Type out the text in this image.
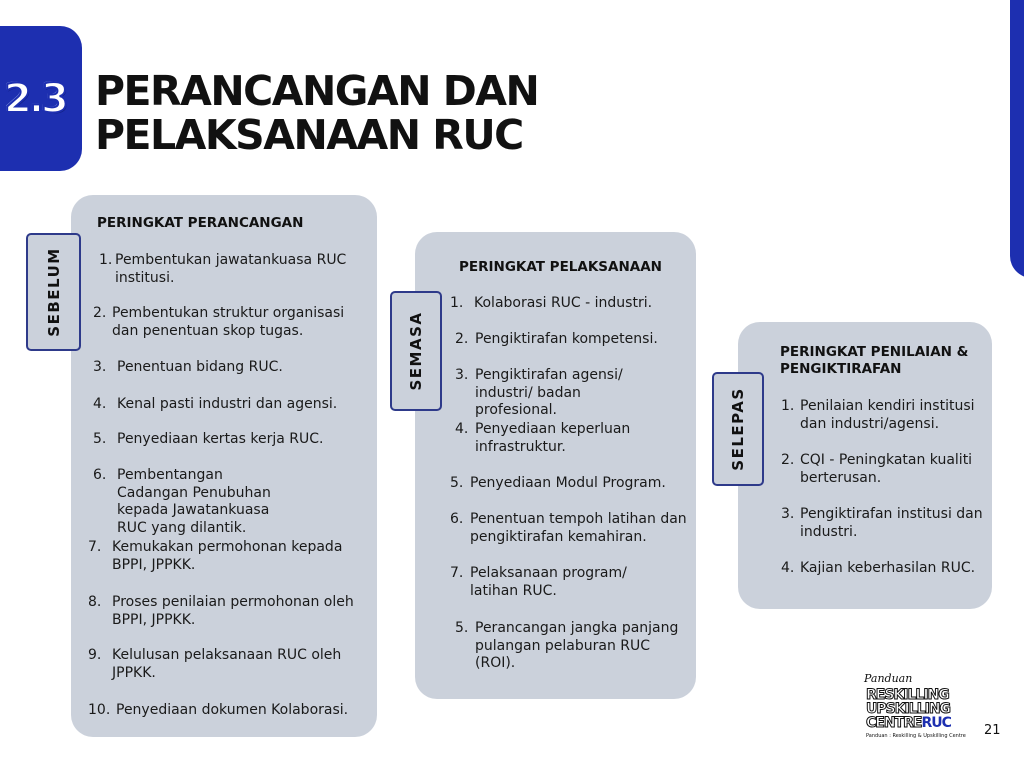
2.3 PERANCANGAN DAN
PELAKSANAAN RUC
PERINGKAT PERANCANGAN
1. Pembentukan jawatankuasa RUC institusi.
2. Pembentukan struktur organisasi dan penentuan skop tugas.
3. Penentuan bidang RUC.
4. Kenal pasti industri dan agensi.
5. Penyediaan kertas kerja RUC.
6. Pembentangan Cadangan Penubuhan kepada Jawatankuasa RUC yang dilantik.
7. Kemukakan permohonan kepada BPPI, JPPKK.
8. Proses penilaian permohonan oleh BPPI, JPPKK.
9. Kelulusan pelaksanaan RUC oleh JPPKK.
10. Penyediaan dokumen Kolaborasi.
SEBELUM	PERINGKAT PELAKSANAAN
1. Kolaborasi RUC - industri.
2. Pengiktirafan kompetensi.
3. Pengiktirafan agensi/ industri/ badan profesional.
4. Penyediaan keperluan infrastruktur.
5. Penyediaan Modul Program.
6. Penentuan tempoh latihan dan pengiktirafan kemahiran.
7. Pelaksanaan program/ latihan RUC.
5. Perancangan jangka panjang pulangan pelaburan RUC (ROI).
SEMASA	PERINGKAT PENILAIAN & PENGIKTIRAFAN
1. Penilaian kendiri institusi dan industri/agensi.
2. CQI - Peningkatan kualiti berterusan.
3. Pengiktirafan institusi dan industri.
4. Kajian keberhasilan RUC.
SELEPAS
Panduan
RESKILLING
UPSKILLING
CENTRERUC
Panduan : Reskilling & Upskilling Centre 21
